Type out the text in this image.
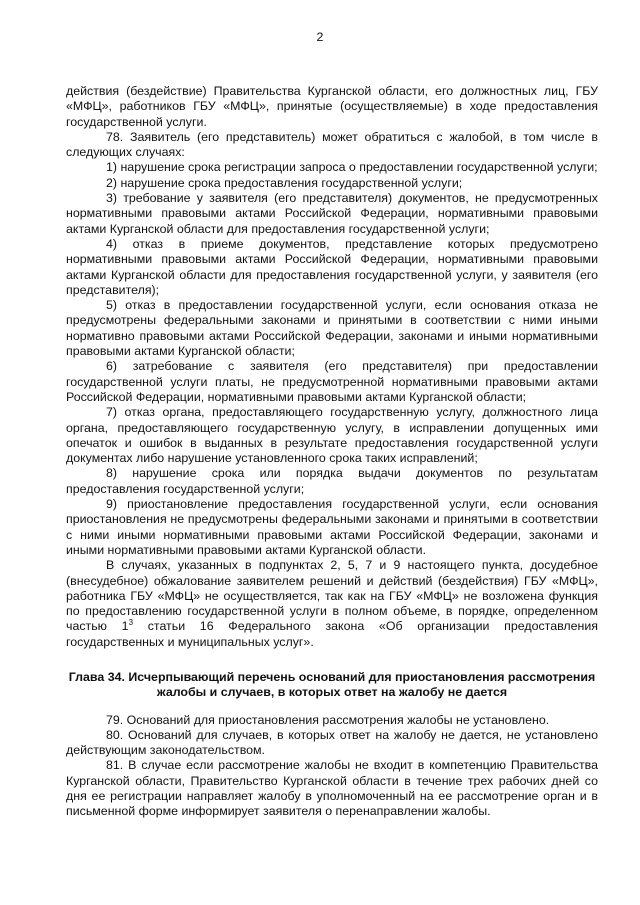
2

действия (бездействие) Правительства Курганской области, его должностных лиц, ГБУ «МФЦ», работников ГБУ «МФЦ», принятые (осуществляемые) в ходе предоставления государственной услуги.

78. Заявитель (его представитель) может обратиться с жалобой, в том числе в следующих случаях:

1) нарушение срока регистрации запроса о предоставлении государственной услуги;

2) нарушение срока предоставления государственной услуги;

3) требование у заявителя (его представителя) документов, не предусмотренных нормативными правовыми актами Российской Федерации, нормативными правовыми актами Курганской области для предоставления государственной услуги;

4) отказ в приеме документов, представление которых предусмотрено нормативными правовыми актами Российской Федерации, нормативными правовыми актами Курганской области для предоставления государственной услуги, у заявителя (его представителя);

5) отказ в предоставлении государственной услуги, если основания отказа не предусмотрены федеральными законами и принятыми в соответствии с ними иными нормативно правовыми актами Российской Федерации, законами и иными нормативными правовыми актами Курганской области;

6) затребование с заявителя (его представителя) при предоставлении государственной услуги платы, не предусмотренной нормативными правовыми актами Российской Федерации, нормативными правовыми актами Курганской области;

7) отказ органа, предоставляющего государственную услугу, должностного лица органа, предоставляющего государственную услугу, в исправлении допущенных ими опечаток и ошибок в выданных в результате предоставления государственной услуги документах либо нарушение установленного срока таких исправлений;

8) нарушение срока или порядка выдачи документов по результатам предоставления государственной услуги;

9) приостановление предоставления государственной услуги, если основания приостановления не предусмотрены федеральными законами и принятыми в соответствии с ними иными нормативными правовыми актами Российской Федерации, законами и иными нормативными правовыми актами Курганской области.

В случаях, указанных в подпунктах 2, 5, 7 и 9 настоящего пункта, досудебное (внесудебное) обжалование заявителем решений и действий (бездействия) ГБУ «МФЦ», работника ГБУ «МФЦ» не осуществляется, так как на ГБУ «МФЦ» не возложена функция по предоставлению государственной услуги в полном объеме, в порядке, определенном частью $1^3$ статьи 16 Федерального закона «Об организации предоставления государственных и муниципальных услуг».

Глава 34. Исчерпывающий перечень оснований для приостановления рассмотрения жалобы и случаев, в которых ответ на жалобу не дается

79. Оснований для приостановления рассмотрения жалобы не установлено.

80. Оснований для случаев, в которых ответ на жалобу не дается, не установлено действующим законодательством.

81. В случае если рассмотрение жалобы не входит в компетенцию Правительства Курганской области, Правительство Курганской области в течение трех рабочих дней со дня ее регистрации направляет жалобу в уполномоченный на ее рассмотрение орган и в письменной форме информирует заявителя о перенаправлении жалобы.
